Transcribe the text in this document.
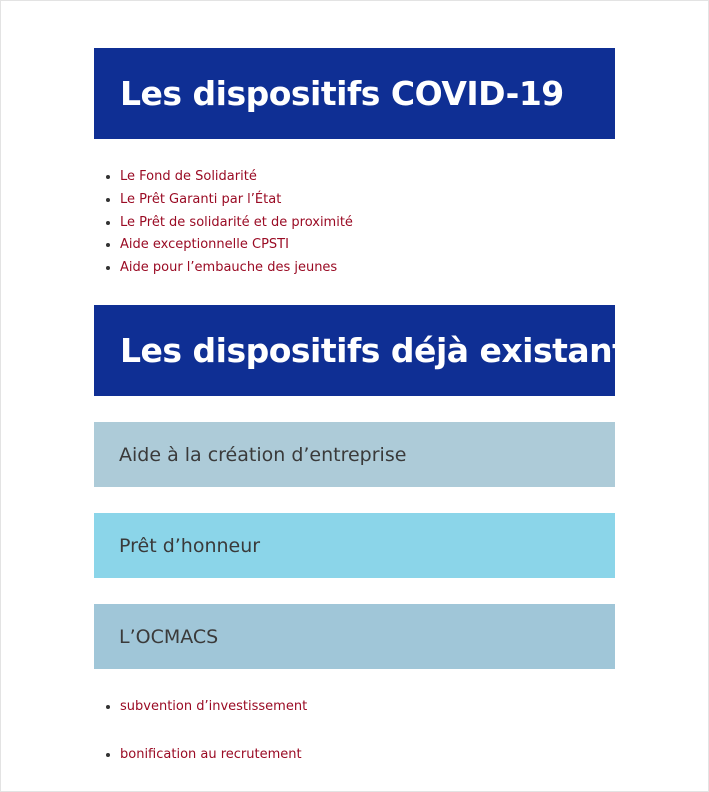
Les dispositifs COVID-19
• Le Fond de Solidarité
• Le Prêt Garanti par l’État
• Le Prêt de solidarité et de proximité
• Aide exceptionnelle CPSTI
• Aide pour l’embauche des jeunes
Les dispositifs déjà existants
Aide à la création d’entreprise
Prêt d’honneur
L’OCMACS
• subvention d’investissement
• bonification au recrutement
